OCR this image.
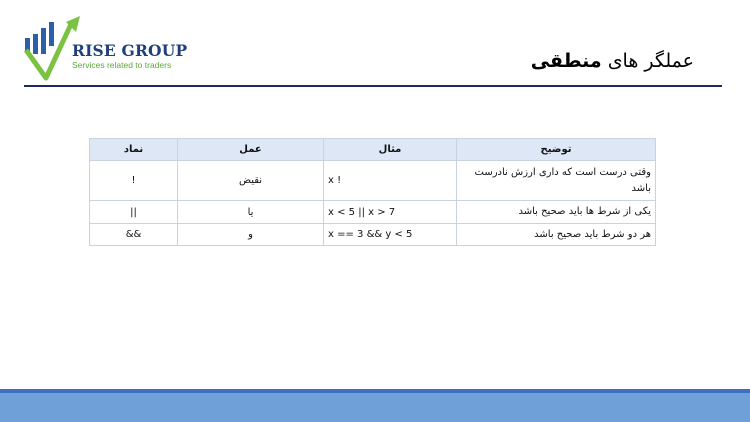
RISE GROUP
Services related to traders	عملگر های منطقی
نماد	عمل	مثال	توضیح
!	نقیض	x !	وقتی درست است که داری ارزش نادرست باشد
||	یا	x < 5 || x > 7	یکی از شرط ها باید صحیح باشد
&&	و	x == 3 && y < 5	هر دو شرط باید صحیح باشد
